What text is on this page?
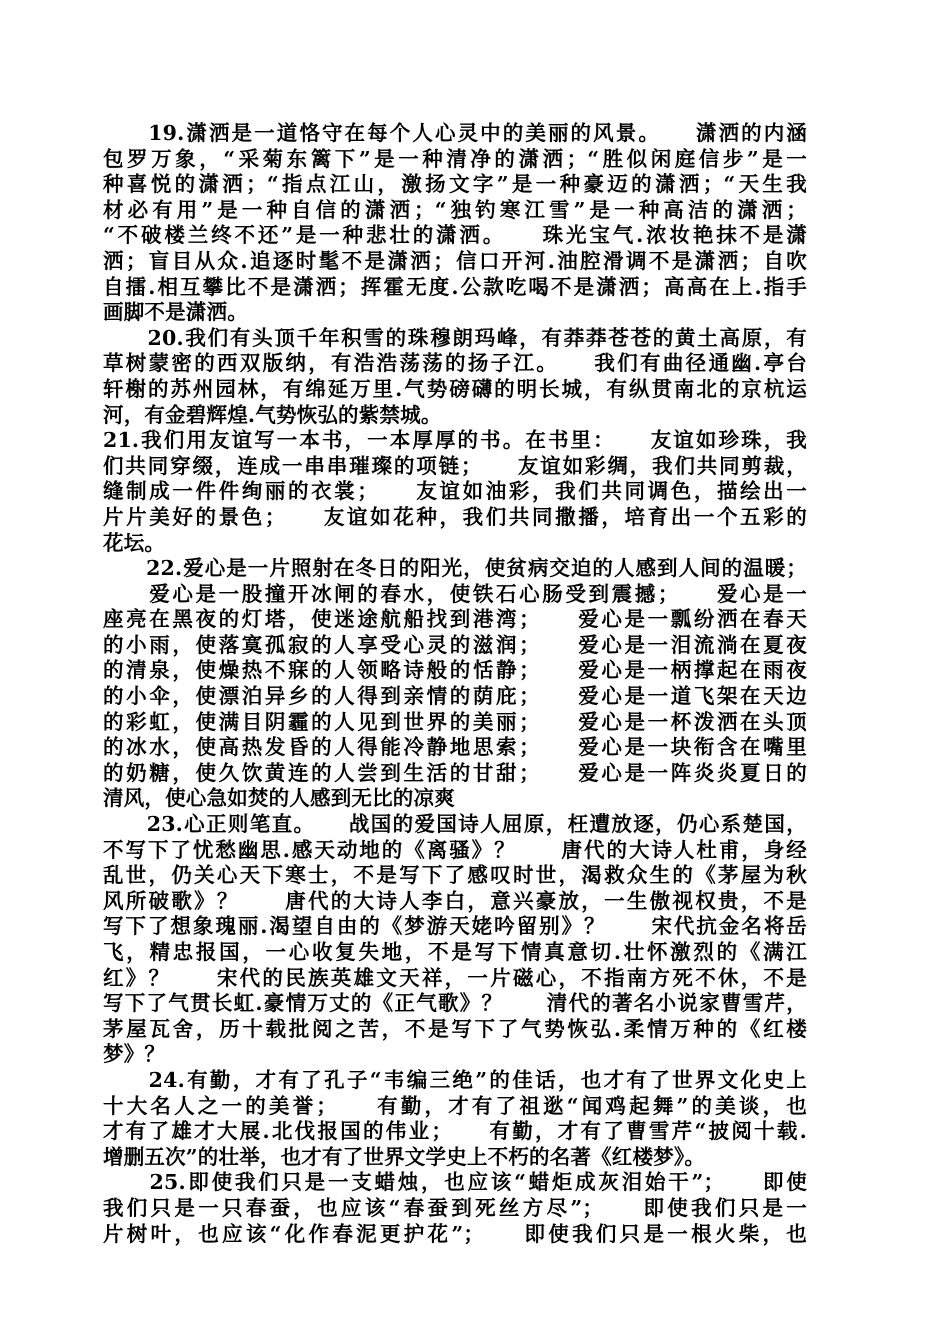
　　19.潇洒是一道恪守在每个人心灵中的美丽的风景。　　潇洒的内涵
包罗万象，“采菊东篱下”是一种清净的潇洒；“胜似闲庭信步”是一
种喜悦的潇洒；“指点江山，激扬文字”是一种豪迈的潇洒；“天生我
材必有用”是一种自信的潇洒；“独钓寒江雪”是一种高洁的潇洒；
“不破楼兰终不还”是一种悲壮的潇洒。　　珠光宝气.浓妆艳抹不是潇
洒；盲目从众.追逐时髦不是潇洒；信口开河.油腔滑调不是潇洒；自吹
自擂.相互攀比不是潇洒；挥霍无度.公款吃喝不是潇洒；高高在上.指手
画脚不是潇洒。
　　20.我们有头顶千年积雪的珠穆朗玛峰，有莽莽苍苍的黄土高原，有
草树蒙密的西双版纳，有浩浩荡荡的扬子江。　　我们有曲径通幽.亭台
轩榭的苏州园林，有绵延万里.气势磅礴的明长城，有纵贯南北的京杭运
河，有金碧辉煌.气势恢弘的紫禁城。
21.我们用友谊写一本书，一本厚厚的书。在书里：　　友谊如珍珠，我
们共同穿缀，连成一串串璀璨的项链；　　友谊如彩绸，我们共同剪裁，
缝制成一件件绚丽的衣裳；　　友谊如油彩，我们共同调色，描绘出一
片片美好的景色；　　友谊如花种，我们共同撒播，培育出一个五彩的
花坛。
　　22.爱心是一片照射在冬日的阳光，使贫病交迫的人感到人间的温暖；
　　爱心是一股撞开冰闸的春水，使铁石心肠受到震撼；　　爱心是一
座亮在黑夜的灯塔，使迷途航船找到港湾；　　爱心是一瓢纷洒在春天
的小雨，使落寞孤寂的人享受心灵的滋润；　　爱心是一泪流淌在夏夜
的清泉，使燥热不寐的人领略诗般的恬静；　　爱心是一柄撑起在雨夜
的小伞，使漂泊异乡的人得到亲情的荫庇；　　爱心是一道飞架在天边
的彩虹，使满目阴霾的人见到世界的美丽；　　爱心是一杯泼洒在头顶
的冰水，使高热发昏的人得能冷静地思索；　　爱心是一块衔含在嘴里
的奶糖，使久饮黄连的人尝到生活的甘甜；　　爱心是一阵炎炎夏日的
清风，使心急如焚的人感到无比的凉爽
　　23.心正则笔直。　　战国的爱国诗人屈原，枉遭放逐，仍心系楚国，
不写下了忧愁幽思.感天动地的《离骚》？　　唐代的大诗人杜甫，身经
乱世，仍关心天下寒士，不是写下了感叹时世，渴救众生的《茅屋为秋
风所破歌》？　　唐代的大诗人李白，意兴豪放，一生傲视权贵，不是
写下了想象瑰丽.渴望自由的《梦游天姥吟留别》？　　宋代抗金名将岳
飞，精忠报国，一心收复失地，不是写下情真意切.壮怀激烈的《满江
红》？　　宋代的民族英雄文天祥，一片磁心，不指南方死不休，不是
写下了气贯长虹.豪情万丈的《正气歌》？　　清代的著名小说家曹雪芹，
茅屋瓦舍，历十载批阅之苦，不是写下了气势恢弘.柔情万种的《红楼
梦》？
　　24.有勤，才有了孔子“韦编三绝”的佳话，也才有了世界文化史上
十大名人之一的美誉；　　有勤，才有了祖逖“闻鸡起舞”的美谈，也
才有了雄才大展.北伐报国的伟业；　　有勤，才有了曹雪芹“披阅十载.
增删五次”的壮举，也才有了世界文学史上不朽的名著《红楼梦》。
　　25.即使我们只是一支蜡烛，也应该“蜡炬成灰泪始干”；　　即使
我们只是一只春蚕，也应该“春蚕到死丝方尽”；　　即使我们只是一
片树叶，也应该“化作春泥更护花”；　　即使我们只是一根火柴，也
